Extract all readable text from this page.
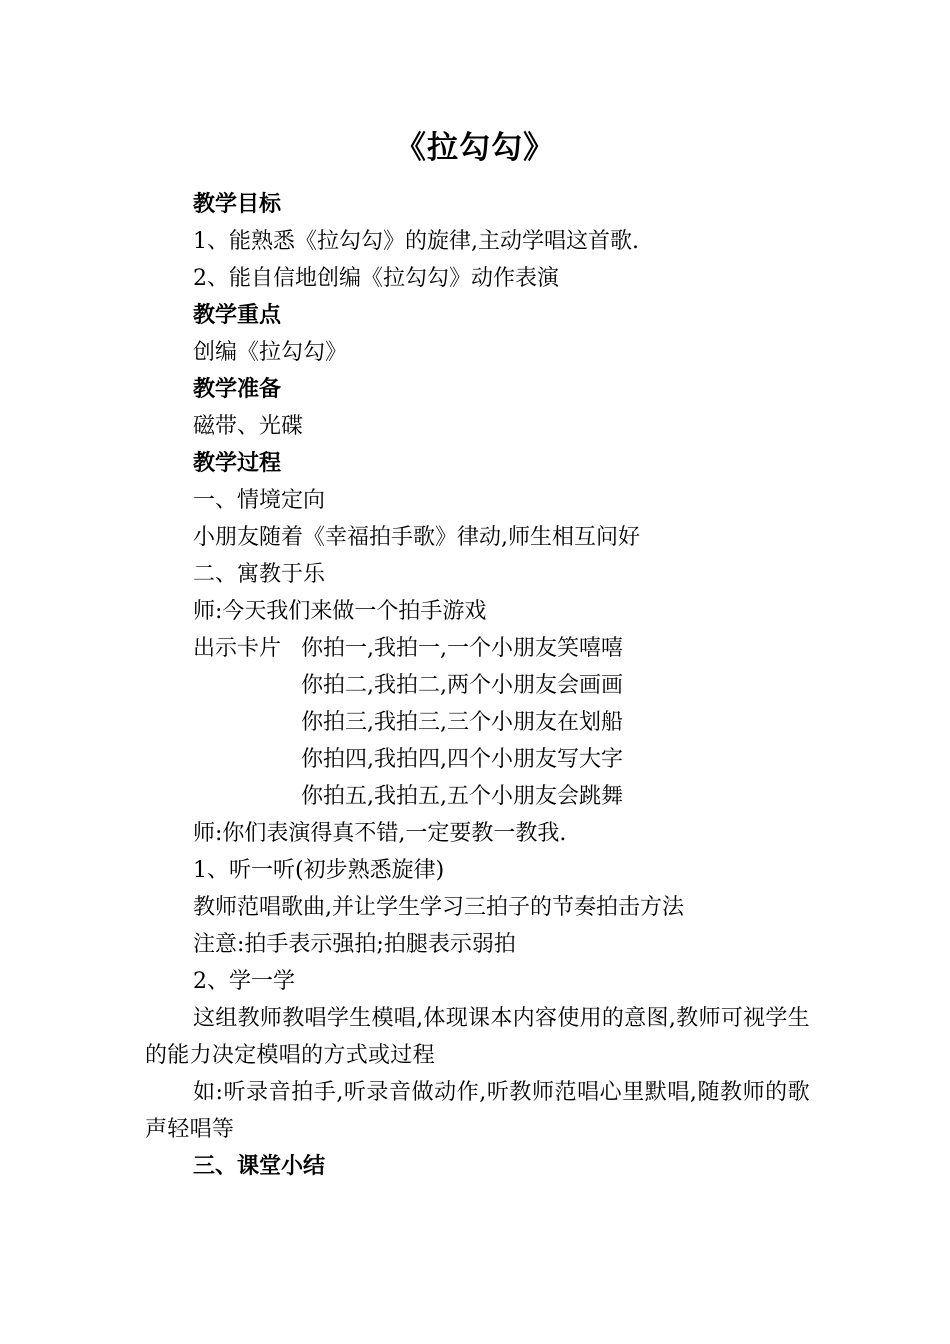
《拉勾勾》
教学目标
1、能熟悉《拉勾勾》的旋律,主动学唱这首歌.
2、能自信地创编《拉勾勾》动作表演
教学重点
创编《拉勾勾》
教学准备
磁带、光碟
教学过程
一、情境定向
小朋友随着《幸福拍手歌》律动,师生相互问好
二、寓教于乐
师:今天我们来做一个拍手游戏
出示卡片 你拍一,我拍一,一个小朋友笑嘻嘻
你拍二,我拍二,两个小朋友会画画
你拍三,我拍三,三个小朋友在划船
你拍四,我拍四,四个小朋友写大字
你拍五,我拍五,五个小朋友会跳舞
师:你们表演得真不错,一定要教一教我.
1、听一听(初步熟悉旋律)
教师范唱歌曲,并让学生学习三拍子的节奏拍击方法
注意:拍手表示强拍;拍腿表示弱拍
2、学一学
这组教师教唱学生模唱,体现课本内容使用的意图,教师可视学生的能力决定模唱的方式或过程
如:听录音拍手,听录音做动作,听教师范唱心里默唱,随教师的歌声轻唱等
三、课堂小结
